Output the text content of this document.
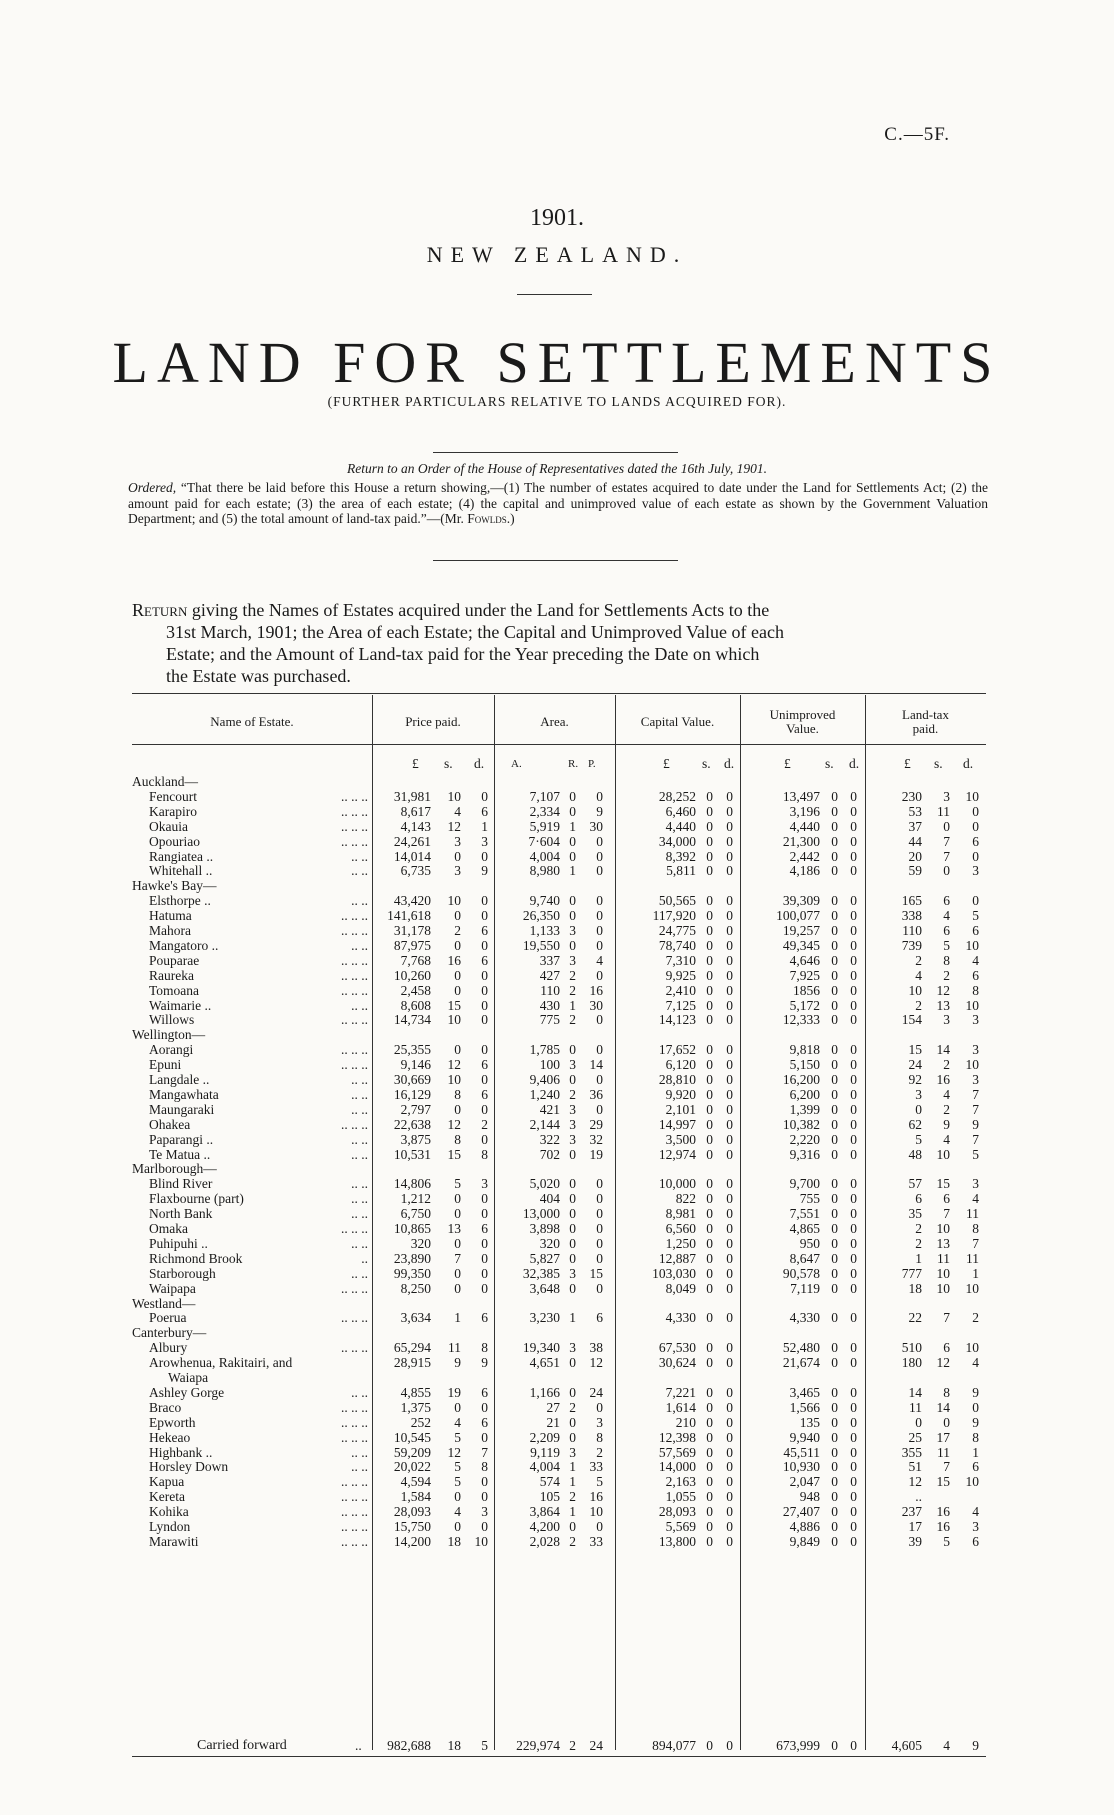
C.—5F.
1901.
NEW ZEALAND.
LAND FOR SETTLEMENTS
(FURTHER PARTICULARS RELATIVE TO LANDS ACQUIRED FOR).
Return to an Order of the House of Representatives dated the 16th July, 1901.
Ordered, “That there be laid before this House a return showing,—(1) The number of estates acquired to date under the Land for Settlements Act; (2) the amount paid for each estate; (3) the area of each estate; (4) the capital and unimproved value of each estate as shown by the Government Valuation Department; and (5) the total amount of land-tax paid.”—(Mr. Fowlds.)
Return giving the Names of Estates acquired under the Land for Settlements Acts to the
31st March, 1901; the Area of each Estate; the Capital and Unimproved Value of each
Estate; and the Amount of Land-tax paid for the Year preceding the Date on which
the Estate was purchased.
Name of Estate.	Price paid.	Area.	Capital Value.	Unimproved Value.
Land-tax paid.
£ s. d. A.	R. P.	£ s. d.	£	s. d.	£ s. d.
Auckland—
Fencourt	.. .. ..	31,981	10	0	7,107 0	0	28,252 0 0	13,497 0 0	230	3	10
Karapiro	.. .. ..	8,617	4	6	2,334 0	9	6,460 0 0	3,196 0 0	53	11	0
Okauia	.. .. ..	4,143	12	1	5,919 1	30	4,440 0 0	4,440 0 0	37	0	0
Opouriao	.. .. ..	24,261	3	3	7·604 0	0	34,000 0 0	21,300 0 0	44	7	6
Rangiatea ..	.. ..	14,014	0	0	4,004 0	0	8,392 0 0	2,442 0 0	20	7	0
Whitehall ..	.. ..	6,735	3	9	8,980 1	0	5,811 0 0	4,186 0 0	59	0	3
Hawke's Bay—
Elsthorpe ..	.. ..	43,420	10	0	9,740 0	0	50,565 0 0	39,309 0 0	165	6	0
Hatuma	.. .. ..	141,618	0	0	26,350 0	0	117,920 0 0	100,077 0 0	338	4	5
Mahora	.. .. ..	31,178	2	6	1,133 3	0	24,775 0 0	19,257 0 0	110	6	6
Mangatoro ..	.. ..	87,975	0	0	19,550 0	0	78,740 0 0	49,345 0 0	739	5	10
Pouparae	.. .. ..	7,768	16	6	337 3	4	7,310 0 0	4,646 0 0	2	8	4
Raureka	.. .. ..	10,260	0	0	427 2	0	9,925 0 0	7,925 0 0	4	2	6
Tomoana	.. .. ..	2,458	0	0	110 2	16	2,410 0 0	1856 0 0	10	12	8
Waimarie ..	.. ..	8,608	15	0	430 1	30	7,125 0 0	5,172 0 0	2	13	10
Willows	.. .. ..	14,734	10	0	775 2	0	14,123 0 0	12,333 0 0	154	3	3
Wellington—
Aorangi	.. .. ..	25,355	0	0	1,785 0	0	17,652 0 0	9,818 0 0	15	14	3
Epuni	.. .. ..	9,146	12	6	100 3	14	6,120 0 0	5,150 0 0	24	2	10
Langdale ..	.. ..	30,669	10	0	9,406 0	0	28,810 0 0	16,200 0 0	92	16	3
Mangawhata	.. ..	16,129	8	6	1,240 2	36	9,920 0 0	6,200 0 0	3	4	7
Maungaraki	.. ..	2,797	0	0	421 3	0	2,101 0 0	1,399 0 0	0	2	7
Ohakea	.. .. ..	22,638	12	2	2,144 3	29	14,997 0 0	10,382 0 0	62	9	9
Paparangi ..	.. ..	3,875	8	0	322 3	32	3,500 0 0	2,220 0 0	5	4	7
Te Matua ..	.. ..	10,531	15	8	702 0	19	12,974 0 0	9,316 0 0	48	10	5
Marlborough—
Blind River	.. ..	14,806	5	3	5,020 0	0	10,000 0 0	9,700 0 0	57	15	3
Flaxbourne (part)	.. ..	1,212	0	0	404 0	0	822 0 0	755 0 0	6	6	4
North Bank	.. ..	6,750	0	0	13,000 0	0	8,981 0 0	7,551 0 0	35	7	11
Omaka	.. .. ..	10,865	13	6	3,898 0	0	6,560 0 0	4,865 0 0	2	10	8
Puhipuhi ..	.. ..	320	0	0	320 0	0	1,250 0 0	950 0 0	2	13	7
Richmond Brook	..	23,890	7	0	5,827 0	0	12,887 0 0	8,647 0 0	1	11	11
Starborough	.. ..	99,350	0	0	32,385 3	15	103,030 0 0	90,578 0 0	777	10	1
Waipapa	.. .. ..	8,250	0	0	3,648 0	0	8,049 0 0	7,119 0 0	18	10	10
Westland—
Poerua	.. .. ..	3,634	1	6	3,230 1	6	4,330 0 0	4,330 0 0	22	7	2
Canterbury—
Albury	.. .. ..	65,294	11	8	19,340 3	38	67,530 0 0	52,480 0 0	510	6	10
Arowhenua, Rakitairi, and	28,915	9	9	4,651 0	12	30,624 0 0	21,674 0 0	180	12	4
Waiapa
Ashley Gorge	.. ..	4,855	19	6	1,166 0	24	7,221 0 0	3,465 0 0	14	8	9
Braco	.. .. ..	1,375	0	0	27 2	0	1,614 0 0	1,566 0 0	11	14	0
Epworth	.. .. ..	252	4	6	21 0	3	210 0 0	135 0 0	0	0	9
Hekeao	.. .. ..	10,545	5	0	2,209 0	8	12,398 0 0	9,940 0 0	25	17	8
Highbank ..	.. ..	59,209	12	7	9,119 3	2	57,569 0 0	45,511 0 0	355	11	1
Horsley Down	.. ..	20,022	5	8	4,004 1	33	14,000 0 0	10,930 0 0	51	7	6
Kapua	.. .. ..	4,594	5	0	574 1	5	2,163 0 0	2,047 0 0	12	15	10
Kereta	.. .. ..	1,584	0	0	105 2	16	1,055 0 0	948 0 0	..
Kohika	.. .. ..	28,093	4	3	3,864 1	10	28,093 0 0	27,407 0 0	237	16	4
Lyndon	.. .. ..	15,750	0	0	4,200 0	0	5,569 0 0	4,886 0 0	17	16	3
Marawiti	.. .. ..	14,200	18	10	2,028 2	33	13,800 0 0	9,849 0 0	39	5	6
Carried forward	..	982,688	18	5	229,974 2	24	894,077 0 0	673,999 0 0	4,605	4	9
